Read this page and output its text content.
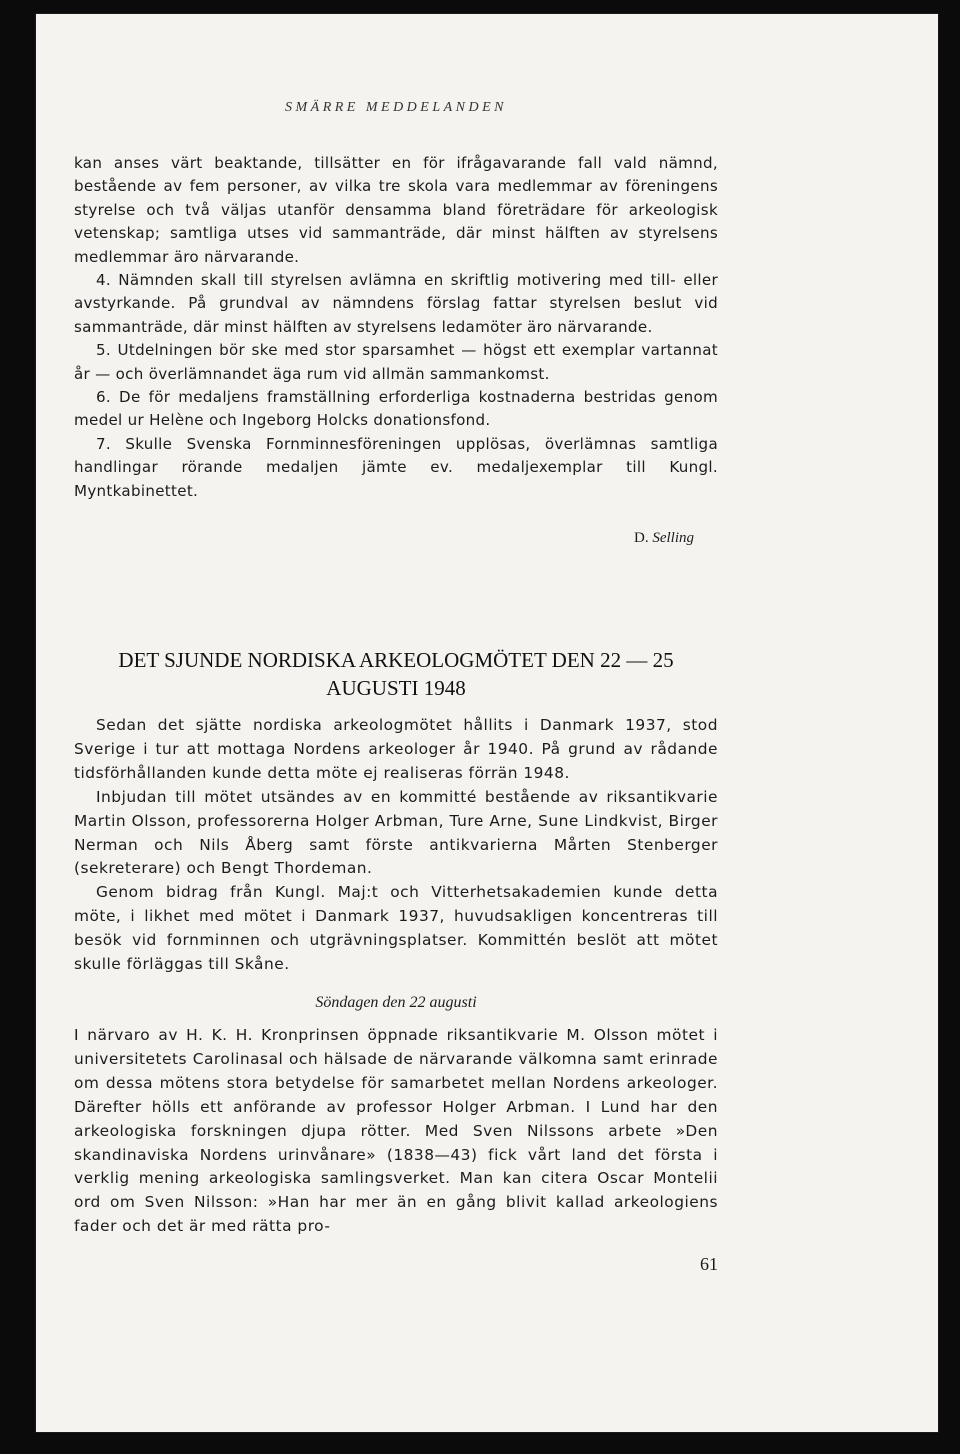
SMÄRRE MEDDELANDEN

kan anses värt beaktande, tillsätter en för ifrågavarande fall vald nämnd, bestående av fem personer, av vilka tre skola vara medlemmar av föreningens styrelse och två väljas utanför densamma bland företrädare för arkeologisk vetenskap; samtliga utses vid sammanträde, där minst hälften av styrelsens medlemmar äro närvarande.

4. Nämnden skall till styrelsen avlämna en skriftlig motivering med till- eller avstyrkande. På grundval av nämndens förslag fattar styrelsen beslut vid sammanträde, där minst hälften av styrelsens ledamöter äro närvarande.

5. Utdelningen bör ske med stor sparsamhet — högst ett exemplar vartannat år — och överlämnandet äga rum vid allmän sammankomst.

6. De för medaljens framställning erforderliga kostnaderna bestridas genom medel ur Helène och Ingeborg Holcks donationsfond.

7. Skulle Svenska Fornminnesföreningen upplösas, överlämnas samtliga handlingar rörande medaljen jämte ev. medaljexemplar till Kungl. Myntkabinettet.

D. Selling
DET SJUNDE NORDISKA ARKEOLOGMÖTET DEN 22 — 25
AUGUSTI 1948

Sedan det sjätte nordiska arkeologmötet hållits i Danmark 1937, stod Sverige i tur att mottaga Nordens arkeologer år 1940. På grund av rådande tidsförhållanden kunde detta möte ej realiseras förrän 1948.

Inbjudan till mötet utsändes av en kommitté bestående av riksantikvarie Martin Olsson, professorerna Holger Arbman, Ture Arne, Sune Lindkvist, Birger Nerman och Nils Åberg samt förste antikvarierna Mårten Stenberger (sekreterare) och Bengt Thordeman.

Genom bidrag från Kungl. Maj:t och Vitterhetsakademien kunde detta möte, i likhet med mötet i Danmark 1937, huvudsakligen koncentreras till besök vid fornminnen och utgrävningsplatser. Kommittén beslöt att mötet skulle förläggas till Skåne.

Söndagen den 22 augusti

I närvaro av H. K. H. Kronprinsen öppnade riksantikvarie M. Olsson mötet i universitetets Carolinasal och hälsade de närvarande välkomna samt erinrade om dessa mötens stora betydelse för samarbetet mellan Nordens arkeologer. Därefter hölls ett anförande av professor Holger Arbman. I Lund har den arkeologiska forskningen djupa rötter. Med Sven Nilssons arbete »Den skandinaviska Nordens urinvånare» (1838—43) fick vårt land det första i verklig mening arkeologiska samlingsverket. Man kan citera Oscar Montelii ord om Sven Nilsson: »Han har mer än en gång blivit kallad arkeologiens fader och det är med rätta pro-

61
